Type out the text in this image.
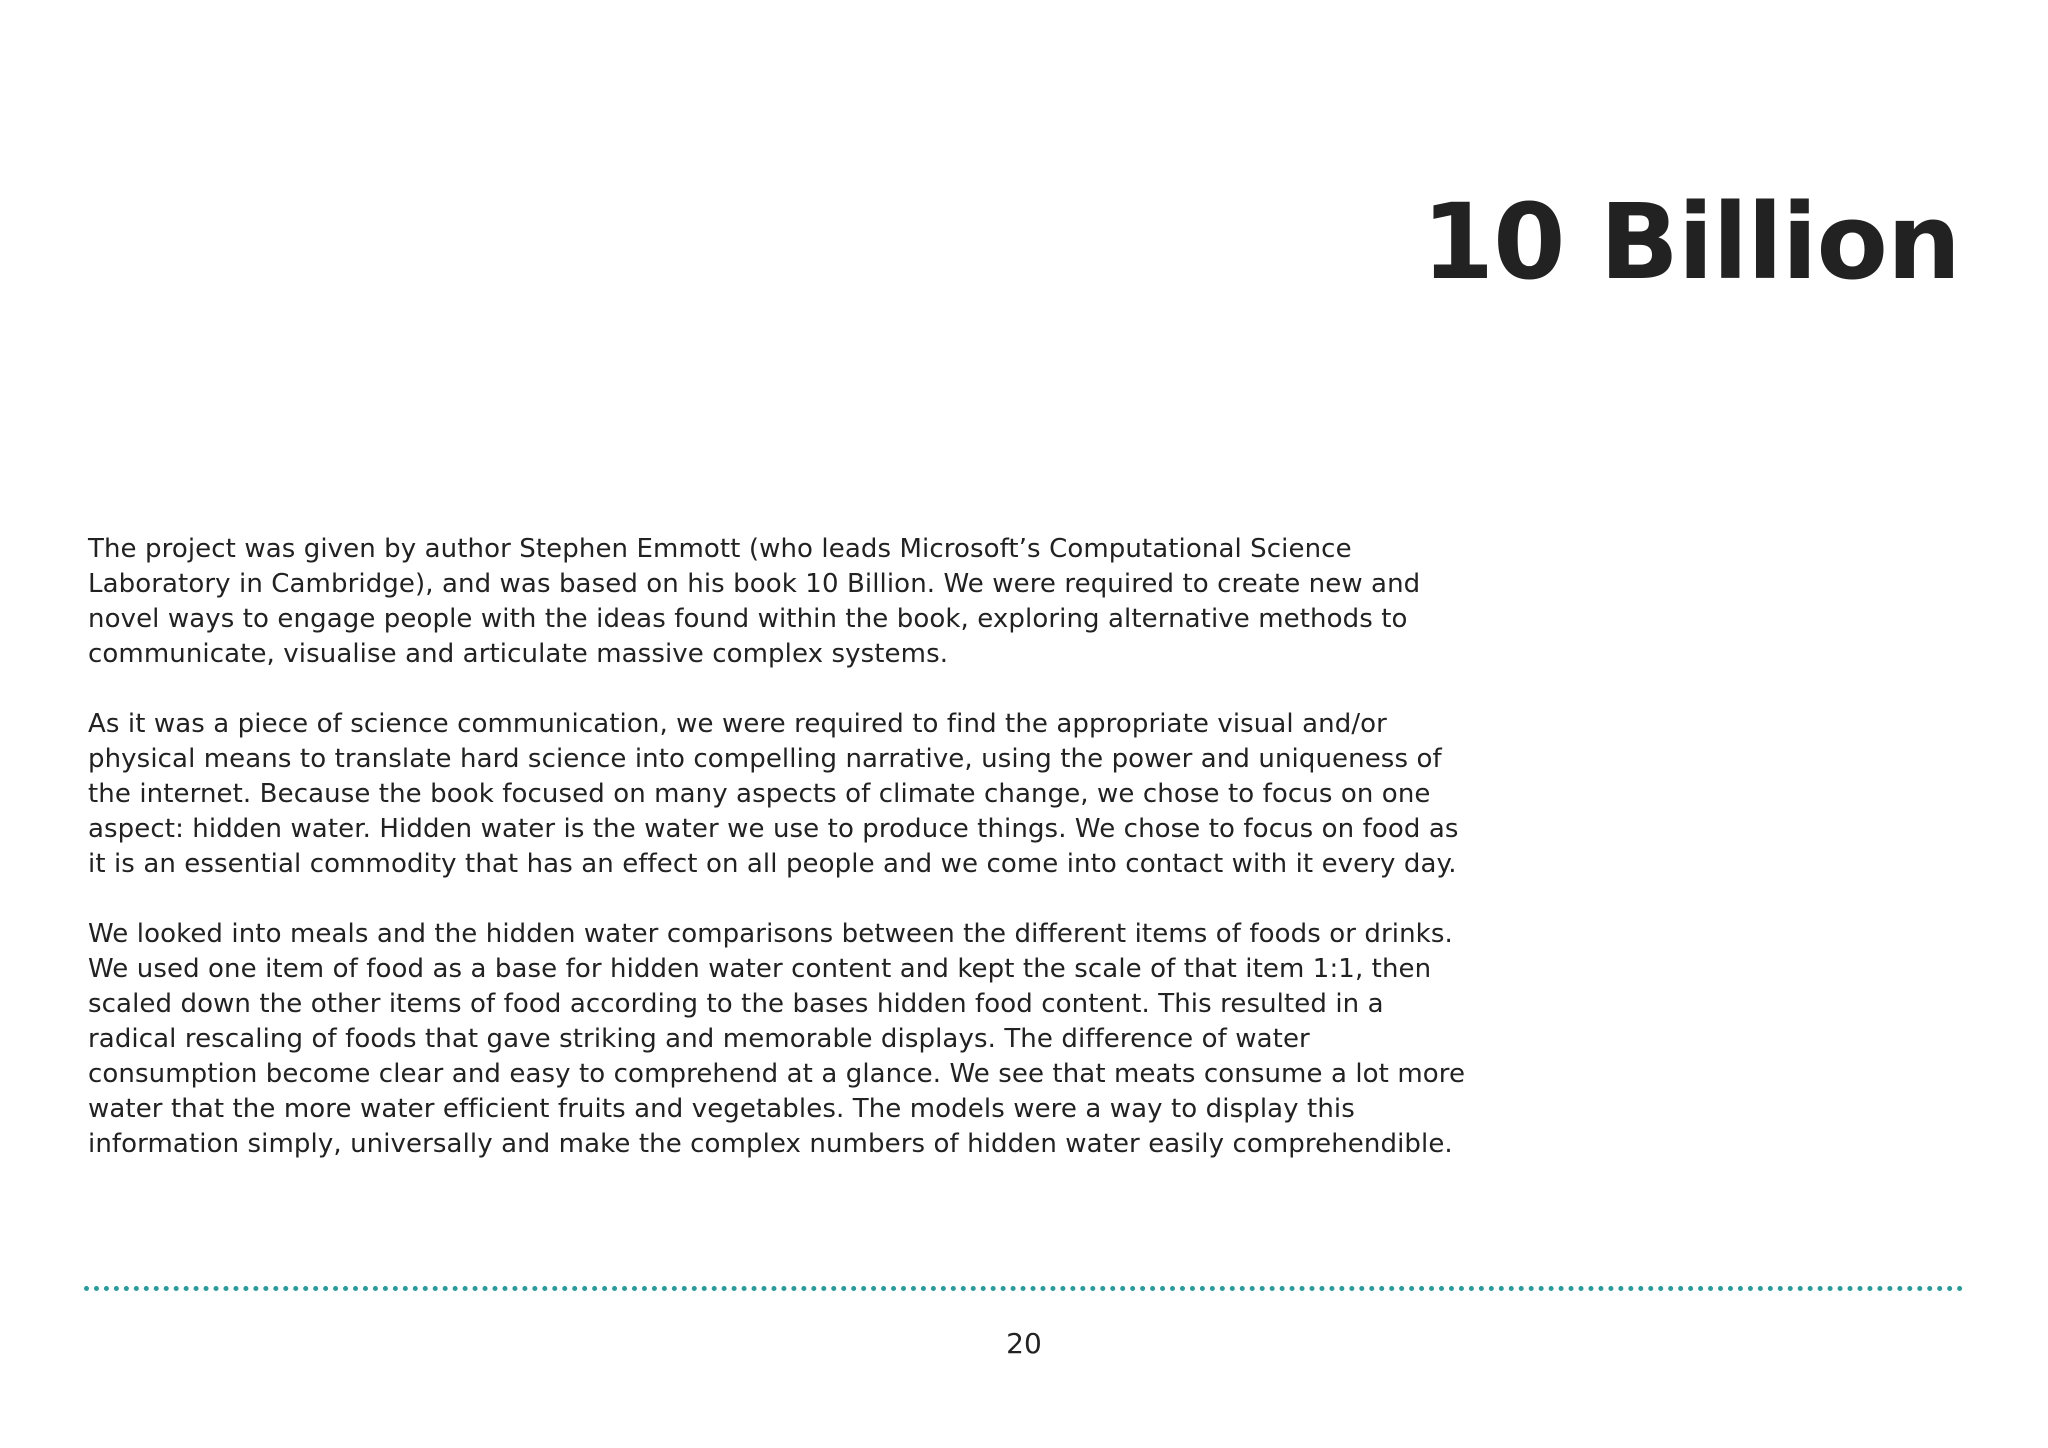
10 Billion

The project was given by author Stephen Emmott (who leads Microsoft’s Computational Science Laboratory in Cambridge), and was based on his book 10 Billion. We were required to create new and novel ways to engage people with the ideas found within the book, exploring alternative methods to communicate, visualise and articulate massive complex systems.

As it was a piece of science communication, we were required to find the appropriate visual and/or physical means to translate hard science into compelling narrative, using the power and uniqueness of the internet. Because the book focused on many aspects of climate change, we chose to focus on one aspect: hidden water. Hidden water is the water we use to produce things. We chose to focus on food as it is an essential commodity that has an effect on all people and we come into contact with it every day.

We looked into meals and the hidden water comparisons between the different items of foods or drinks. We used one item of food as a base for hidden water content and kept the scale of that item 1:1, then scaled down the other items of food according to the bases hidden food content. This resulted in a radical rescaling of foods that gave striking and memorable displays. The difference of water consumption become clear and easy to comprehend at a glance. We see that meats consume a lot more water that the more water efficient fruits and vegetables. The models were a way to display this information simply, universally and make the complex numbers of hidden water easily comprehendible.

20
